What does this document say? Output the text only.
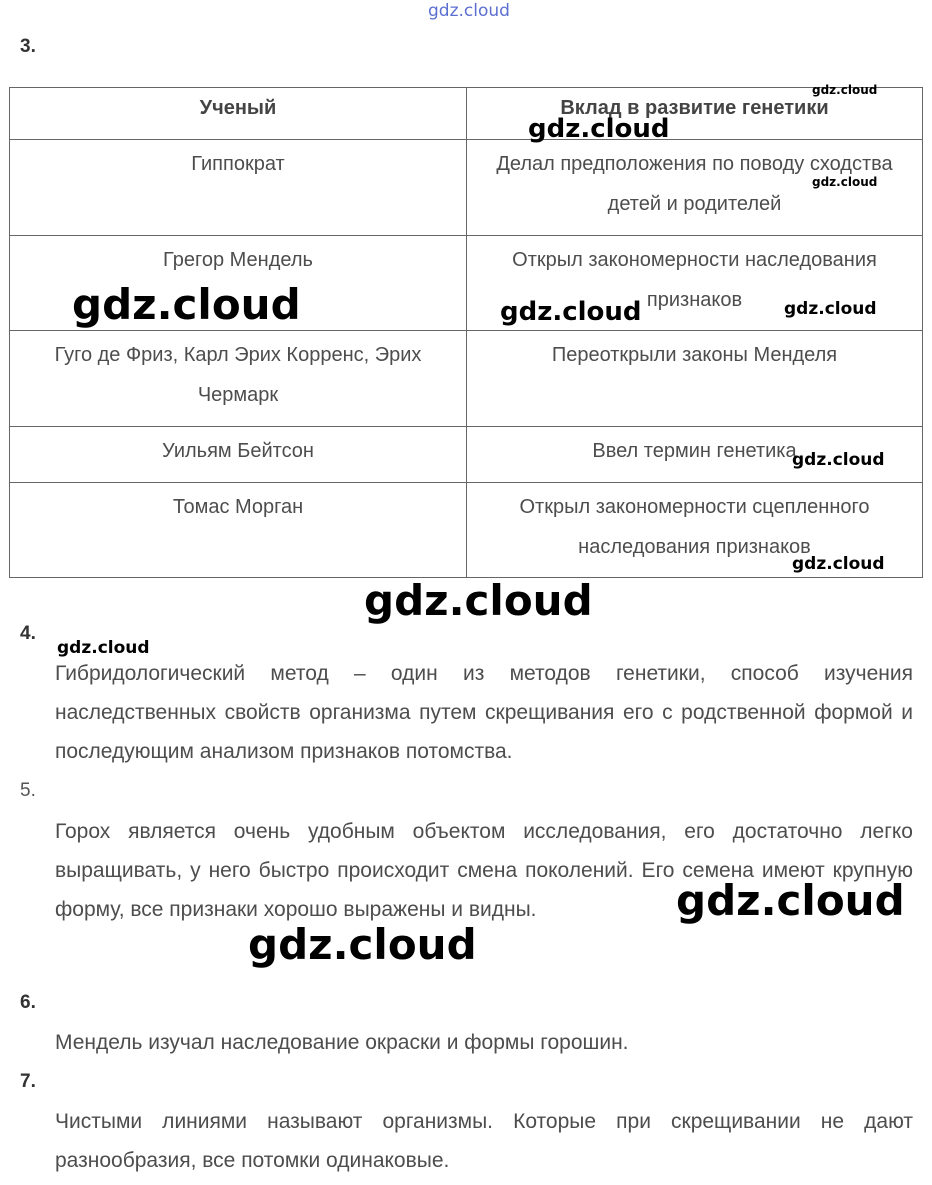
gdz.cloud
3.
Ученый	Вклад в развитие генетики
Гиппократ	Делал предположения по поводу сходства детей и родителей
Грегор Мендель	Открыл закономерности наследования признаков
Гуго де Фриз, Карл Эрих Корренс, Эрих Чермарк	Переоткрыли законы Менделя
Уильям Бейтсон	Ввел термин генетика
Томас Морган	Открыл закономерности сцепленного наследования признаков
gdz.cloud
gdz.cloud
gdz.cloud
gdz.cloud	gdz.cloud	gdz.cloud
gdz.cloud
gdz.cloud
gdz.cloud
4.
gdz.cloud
Гибридологический метод – один из методов генетики, способ изучения наследственных свойств организма путем скрещивания его с родственной формой и последующим анализом признаков потомства.
5.
Горох является очень удобным объектом исследования, его достаточно легко выращивать, у него быстро происходит смена поколений. Его семена имеют крупную форму, все признаки хорошо выражены и видны.	gdz.cloud
gdz.cloud
6.
Мендель изучал наследование окраски и формы горошин.
7.
Чистыми линиями называют организмы. Которые при скрещивании не дают разнообразия, все потомки одинаковые.
